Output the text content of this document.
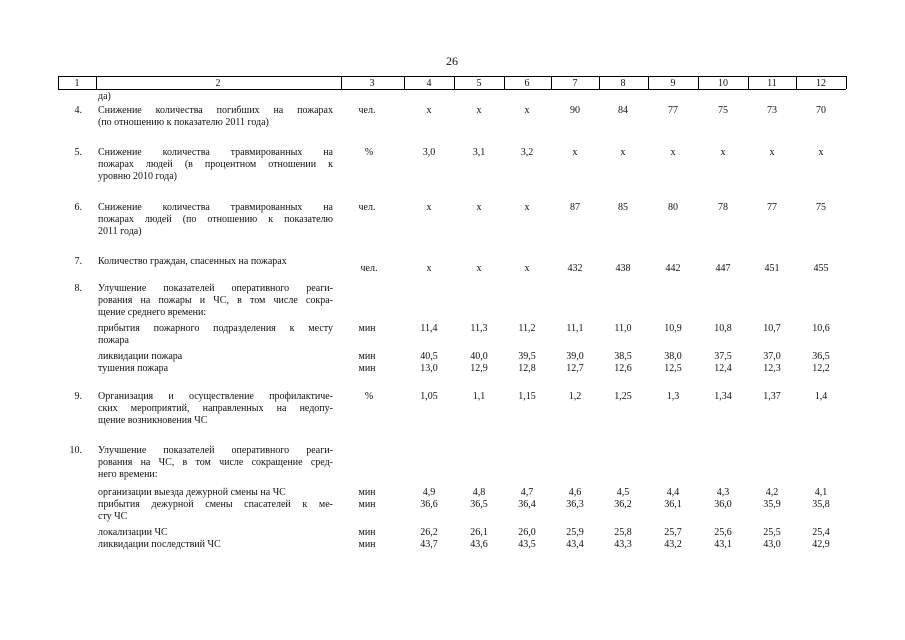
26
1	2	3	4	5	6	7	8	9	10	11	12
да)
4. Снижение количества погибших на пожарах
(по отношению к показателю 2011 года)
чел.	х	х	х	90	84	77	75	73	70
5. Снижение количества травмированных на
пожарах людей (в процентном отношении к
уровню 2010 года)
%	3,0	3,1	3,2	х	х	х	х	х	х
6. Снижение количества травмированных на
пожарах людей (по отношению к показателю
2011 года)
чел.	х	х	х	87	85	80	78	77	75
7. Количество граждан, спасенных на пожарах
чел.	х	х	х	432	438	442	447	451	455
8. Улучшение показателей оперативного реаги-
рования на пожары и ЧС, в том числе сокра-
щение среднего времени:
прибытия пожарного подразделения к месту
пожара
мин	11,4	11,3	11,2	11,1	11,0	10,9	10,8	10,7	10,6
ликвидации пожара	мин	40,5	40,0	39,5	39,0	38,5	38,0	37,5	37,0	36,5
тушения пожара	мин	13,0	12,9	12,8	12,7	12,6	12,5	12,4	12,3	12,2
9. Организация и осуществление профилактиче-
ских мероприятий, направленных на недопу-
щение возникновения ЧС
%	1,05	1,1	1,15	1,2	1,25	1,3	1,34	1,37	1,4
10. Улучшение показателей оперативного реаги-
рования на ЧС, в том числе сокращение сред-
него времени:
организации выезда дежурной смены на ЧС	мин	4,9	4,8	4,7	4,6	4,5	4,4	4,3	4,2	4,1
прибытия дежурной смены спасателей к ме-
сту ЧС
мин	36,6	36,5	36,4	36,3	36,2	36,1	36,0	35,9	35,8
локализации ЧС	мин	26,2	26,1	26,0	25,9	25,8	25,7	25,6	25,5	25,4
ликвидации последствий ЧС	мин	43,7	43,6	43,5	43,4	43,3	43,2	43,1	43,0	42,9
